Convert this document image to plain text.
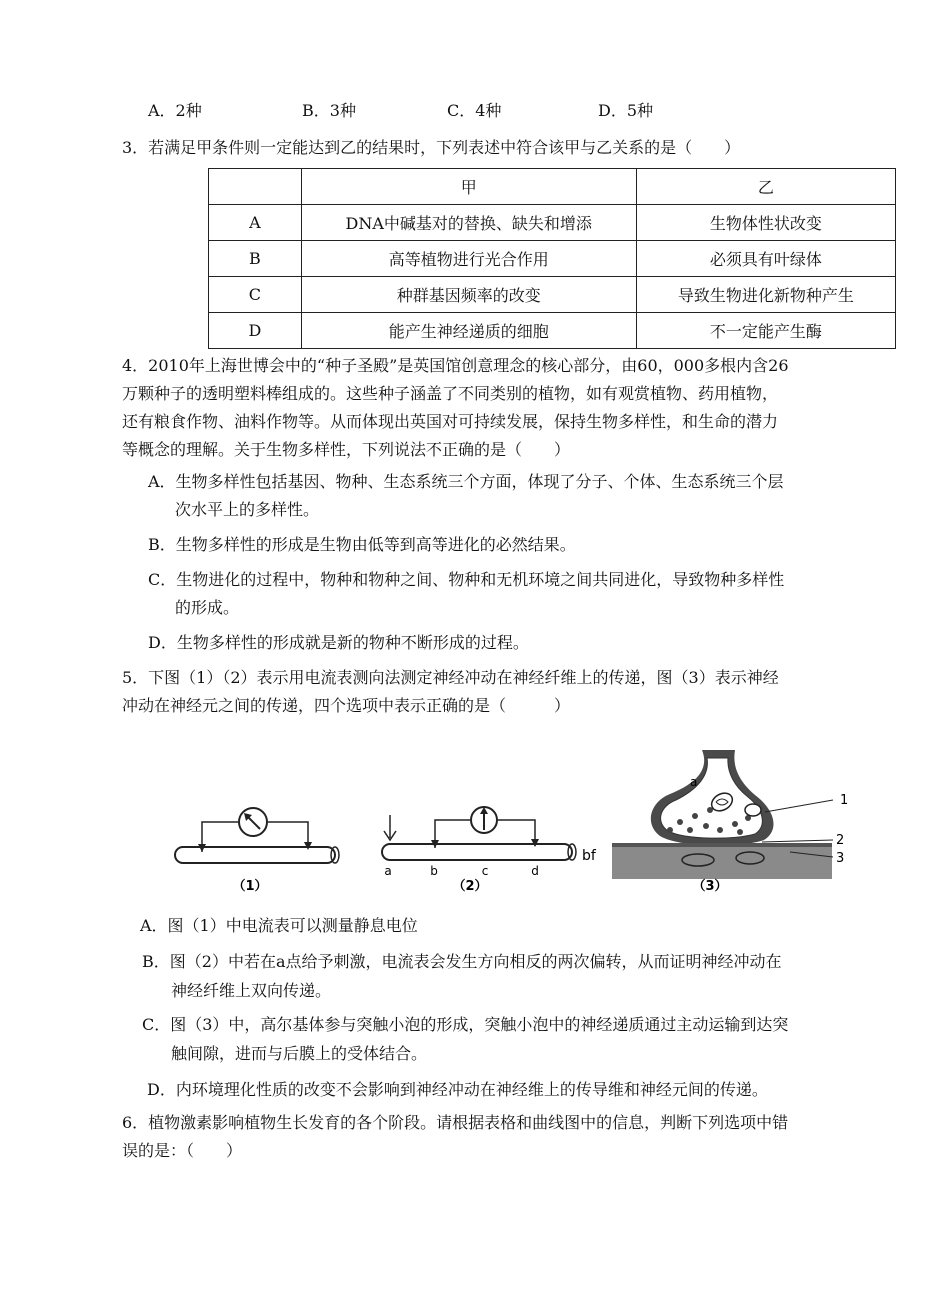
A．2种	B．3种	C．4种	D．5种
3．若满足甲条件则一定能达到乙的结果时，下列表述中符合该甲与乙关系的是（　　）
	甲	乙
A	DNA中碱基对的替换、缺失和增添	生物体性状改变
B	高等植物进行光合作用	必须具有叶绿体
C	种群基因频率的改变	导致生物进化新物种产生
D	能产生神经递质的细胞	不一定能产生酶
4．2010年上海世博会中的“种子圣殿”是英国馆创意理念的核心部分，由60，000多根内含26
万颗种子的透明塑料棒组成的。这些种子涵盖了不同类别的植物，如有观赏植物、药用植物，
还有粮食作物、油料作物等。从而体现出英国对可持续发展，保持生物多样性，和生命的潜力
等概念的理解。关于生物多样性，下列说法不正确的是（　　）
A．生物多样性包括基因、物种、生态系统三个方面，体现了分子、个体、生态系统三个层
次水平上的多样性。
B．生物多样性的形成是生物由低等到高等进化的必然结果。
C．生物进化的过程中，物种和物种之间、物种和无机环境之间共同进化，导致物种多样性
的形成。
D．生物多样性的形成就是新的物种不断形成的过程。
5．下图（1）（2）表示用电流表测向法测定神经冲动在神经纤维上的传递，图（3）表示神经
冲动在神经元之间的传递，四个选项中表示正确的是（　　　）
（1）
a	b	c	d
（2）
bf
a
1
2
3
（3）
A．图（1）中电流表可以测量静息电位
B．图（2）中若在a点给予刺激，电流表会发生方向相反的两次偏转，从而证明神经冲动在
神经纤维上双向传递。
C．图（3）中，高尔基体参与突触小泡的形成，突触小泡中的神经递质通过主动运输到达突
触间隙，进而与后膜上的受体结合。
D．内环境理化性质的改变不会影响到神经冲动在神经维上的传导维和神经元间的传递。
6．植物激素影响植物生长发育的各个阶段。请根据表格和曲线图中的信息，判断下列选项中错
误的是：（　　）
